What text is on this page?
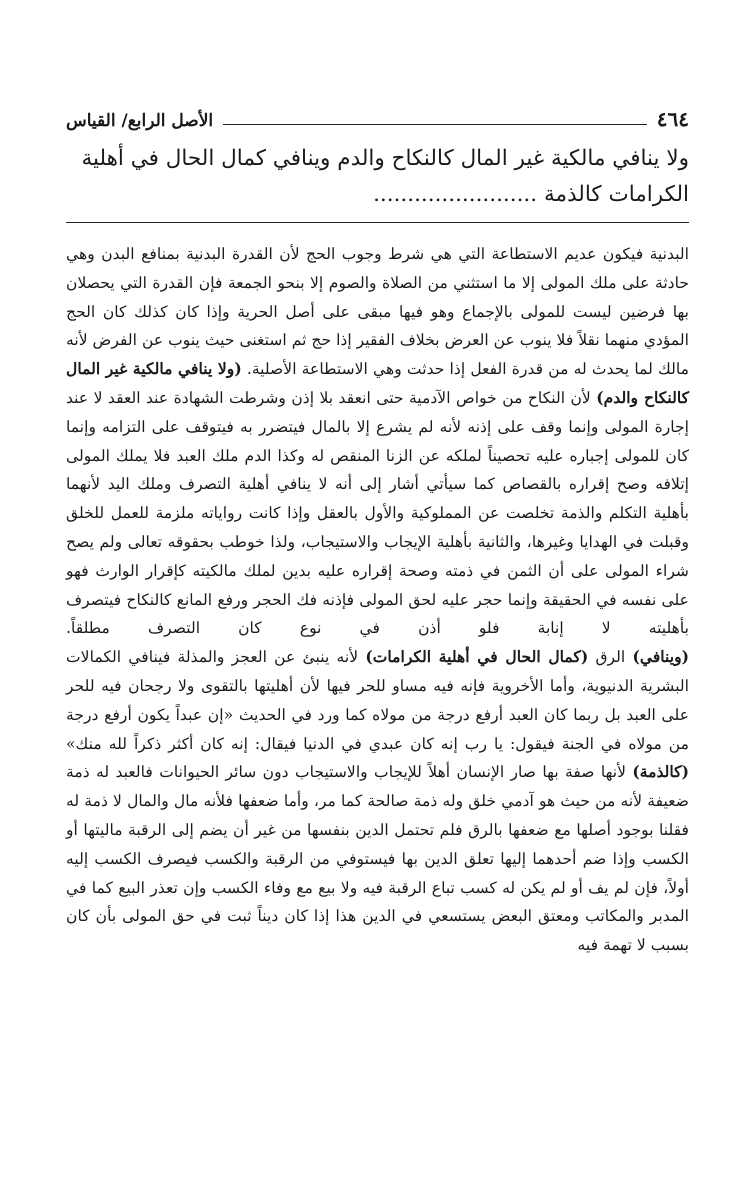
٤٦٤
الأصل الرابع/ القياس
ولا ينافي مالكية غير المال كالنكاح والدم وينافي كمال الحال في أهلية
الكرامات كالذمة ........................

البدنية فيكون عديم الاستطاعة التي هي شرط وجوب الحج لأن القدرة البدنية بمنافع البدن وهي حادثة على ملك المولى إلا ما استثني من الصلاة والصوم إلا بنحو الجمعة فإن القدرة التي يحصلان بها فرضين ليست للمولى بالإجماع وهو فيها مبقى على أصل الحرية وإذا كان كذلك كان الحج المؤدي منهما نقلاً فلا ينوب عن العرض بخلاف الفقير إذا حج ثم استغنى حيث ينوب عن الفرض لأنه مالك لما يحدث له من قدرة الفعل إذا حدثت وهي الاستطاعة الأصلية. (ولا ينافي مالكية غير المال كالنكاح والدم) لأن النكاح من خواص الآدمية حتى انعقد بلا إذن وشرطت الشهادة عند العقد لا عند إجارة المولى وإنما وقف على إذنه لأنه لم يشرع إلا بالمال فيتضرر به فيتوقف على التزامه وإنما كان للمولى إجباره عليه تحصيناً لملكه عن الزنا المنقص له وكذا الدم ملك العبد فلا يملك المولى إتلافه وصح إقراره بالقصاص كما سيأتي أشار إلى أنه لا ينافي أهلية التصرف وملك اليد لأنهما بأهلية التكلم والذمة تخلصت عن المملوكية والأول بالعقل وإذا كانت رواياته ملزمة للعمل للخلق وقبلت في الهدايا وغيرها، والثانية بأهلية الإيجاب والاستيجاب، ولذا خوطب بحقوقه تعالى ولم يصح شراء المولى على أن الثمن في ذمته وصحة إقراره عليه بدين لملك مالكيته كإقرار الوارث فهو على نفسه في الحقيقة وإنما حجر عليه لحق المولى فإذنه فك الحجر ورفع المانع كالنكاح فيتصرف بأهليته لا إنابة فلو أذن في نوع كان التصرف مطلقاً.

(وينافي) الرق (كمال الحال في أهلية الكرامات) لأنه ينبئ عن العجز والمذلة فينافي الكمالات البشرية الدنيوية، وأما الأخروية فإنه فيه مساو للحر فيها لأن أهليتها بالتقوى ولا رجحان فيه للحر على العبد بل ربما كان العبد أرفع درجة من مولاه كما ورد في الحديث «إن عبداً يكون أرفع درجة من مولاه في الجنة فيقول: يا رب إنه كان عبدي في الدنيا فيقال: إنه كان أكثر ذكراً لله منك» (كالذمة) لأنها صفة بها صار الإنسان أهلاً للإيجاب والاستيجاب دون سائر الحيوانات فالعبد له ذمة ضعيفة لأنه من حيث هو آدمي خلق وله ذمة صالحة كما مر، وأما ضعفها فلأنه مال والمال لا ذمة له فقلنا بوجود أصلها مع ضعفها بالرق فلم تحتمل الدين بنفسها من غير أن يضم إلى الرقبة ماليتها أو الكسب وإذا ضم أحدهما إليها تعلق الدين بها فيستوفي من الرقبة والكسب فيصرف الكسب إليه أولاً، فإن لم يف أو لم يكن له كسب تباع الرقبة فيه ولا بيع مع وفاء الكسب وإن تعذر البيع كما في المدبر والمكاتب ومعتق البعض يستسعي في الدين هذا إذا كان ديناً ثبت في حق المولى بأن كان بسبب لا تهمة فيه
